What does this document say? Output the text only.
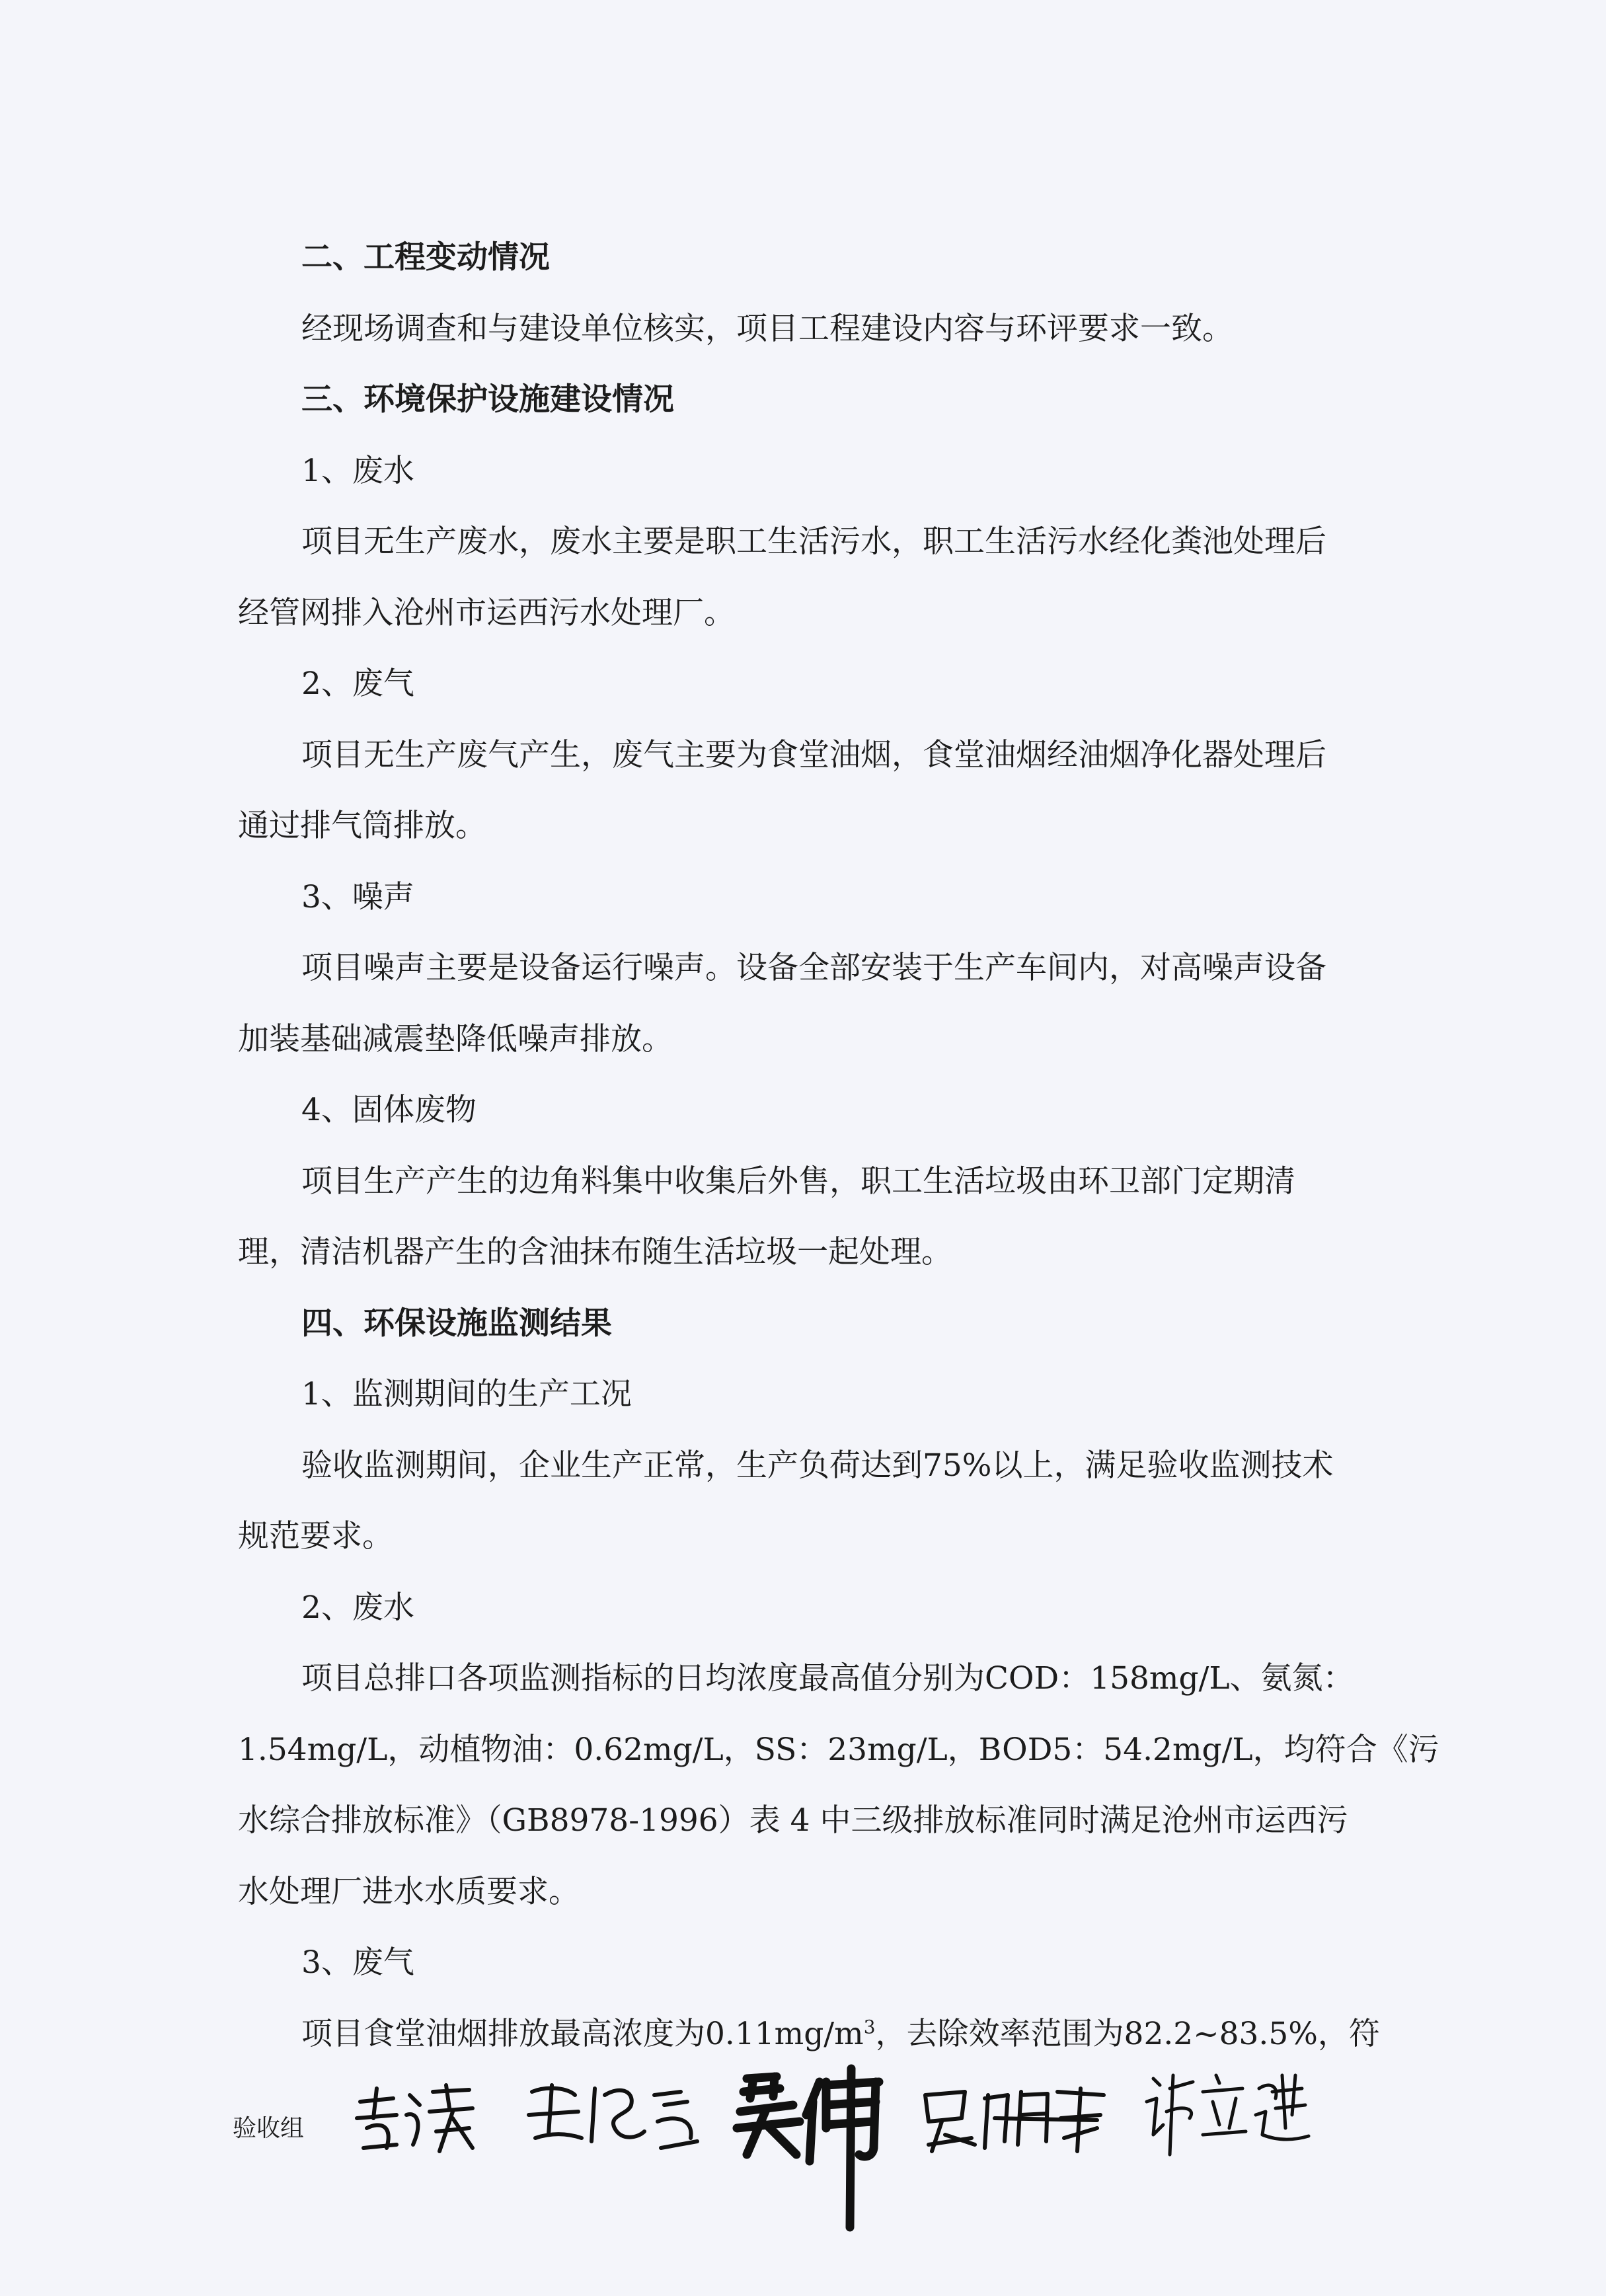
二、工程变动情况
经现场调查和与建设单位核实，项目工程建设内容与环评要求一致。
三、环境保护设施建设情况
1、废水
项目无生产废水，废水主要是职工生活污水，职工生活污水经化粪池处理后
经管网排入沧州市运西污水处理厂。
2、废气
项目无生产废气产生，废气主要为食堂油烟，食堂油烟经油烟净化器处理后
通过排气筒排放。
3、噪声
项目噪声主要是设备运行噪声。设备全部安装于生产车间内，对高噪声设备
加装基础减震垫降低噪声排放。
4、固体废物
项目生产产生的边角料集中收集后外售，职工生活垃圾由环卫部门定期清
理，清洁机器产生的含油抹布随生活垃圾一起处理。
四、环保设施监测结果
1、监测期间的生产工况
验收监测期间，企业生产正常，生产负荷达到75%以上，满足验收监测技术
规范要求。
2、废水
项目总排口各项监测指标的日均浓度最高值分别为COD：158mg/L、氨氮：
1.54mg/L，动植物油：0.62mg/L，SS：23mg/L，BOD5：54.2mg/L，均符合《污
水综合排放标准》（GB8978-1996）表 4 中三级排放标准同时满足沧州市运西污
水处理厂进水水质要求。
3、废气
项目食堂油烟排放最高浓度为$0.11mg/m^3$，去除效率范围为82.2~83.5%，符
验收组
